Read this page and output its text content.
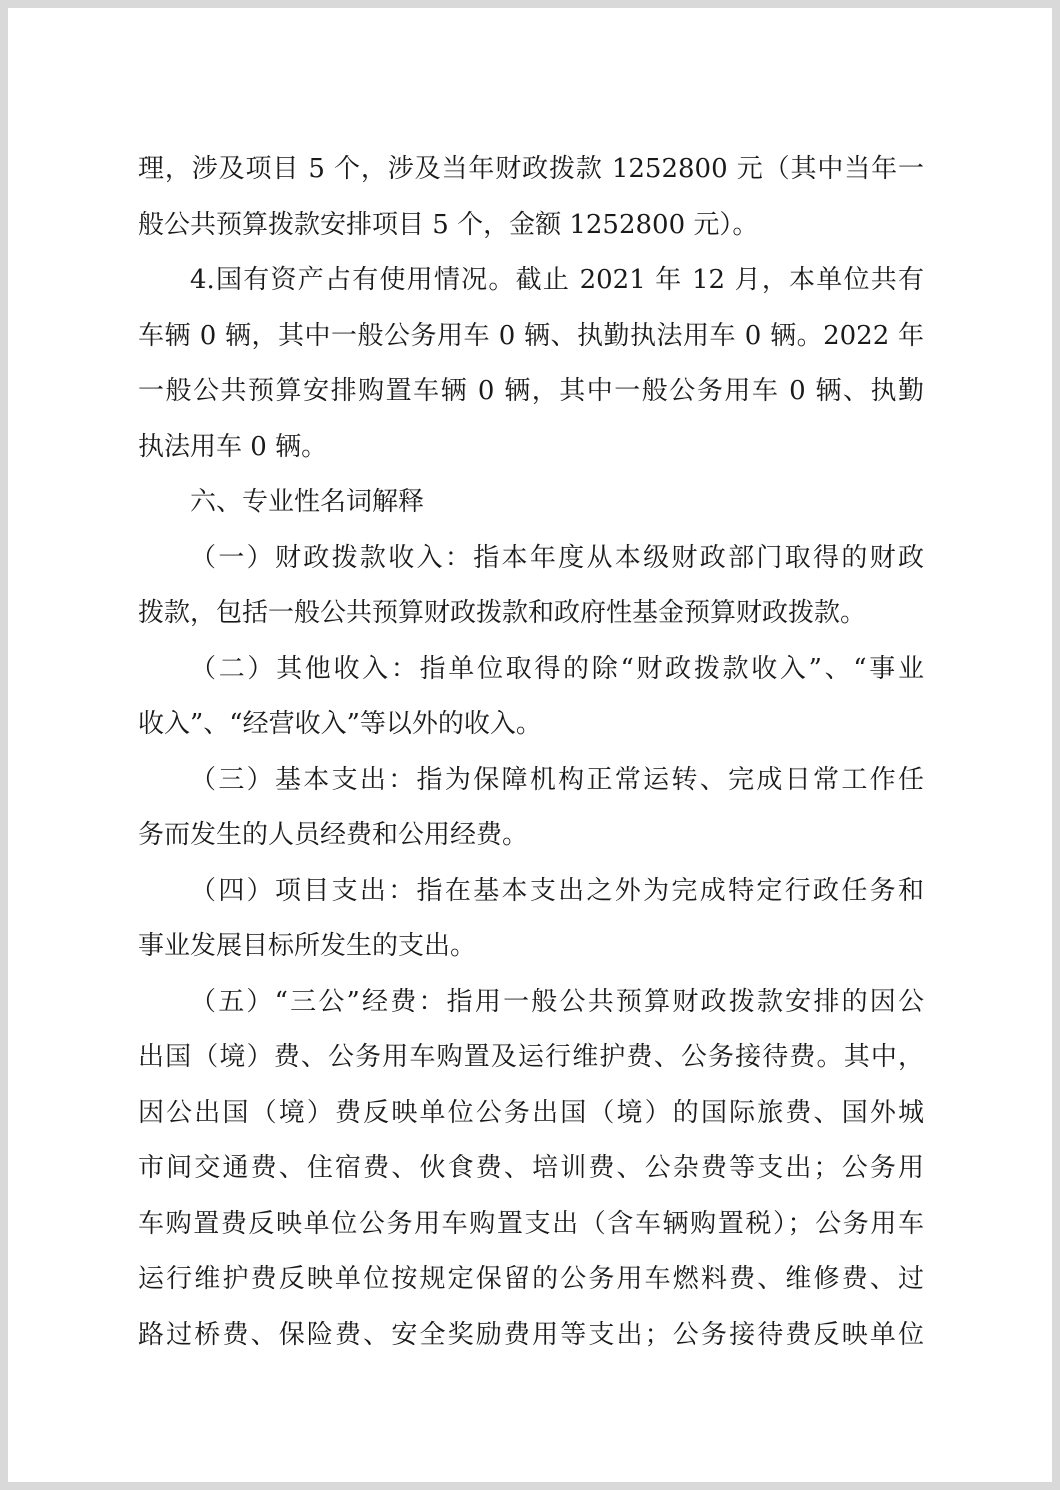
理，涉及项目 5 个，涉及当年财政拨款 1252800 元（其中当年一
般公共预算拨款安排项目 5 个，金额 1252800 元）。
4.国有资产占有使用情况。截止 2021 年 12 月，本单位共有
车辆 0 辆，其中一般公务用车 0 辆、执勤执法用车 0 辆。2022 年
一般公共预算安排购置车辆 0 辆，其中一般公务用车 0 辆、执勤
执法用车 0 辆。
六、专业性名词解释
（一）财政拨款收入：指本年度从本级财政部门取得的财政
拨款，包括一般公共预算财政拨款和政府性基金预算财政拨款。
（二）其他收入：指单位取得的除“财政拨款收入”、“事业
收入”、“经营收入”等以外的收入。
（三）基本支出：指为保障机构正常运转、完成日常工作任
务而发生的人员经费和公用经费。
（四）项目支出：指在基本支出之外为完成特定行政任务和
事业发展目标所发生的支出。
（五）“三公”经费：指用一般公共预算财政拨款安排的因公
出国（境）费、公务用车购置及运行维护费、公务接待费。其中，
因公出国（境）费反映单位公务出国（境）的国际旅费、国外城
市间交通费、住宿费、伙食费、培训费、公杂费等支出；公务用
车购置费反映单位公务用车购置支出（含车辆购置税）；公务用车
运行维护费反映单位按规定保留的公务用车燃料费、维修费、过
路过桥费、保险费、安全奖励费用等支出；公务接待费反映单位
